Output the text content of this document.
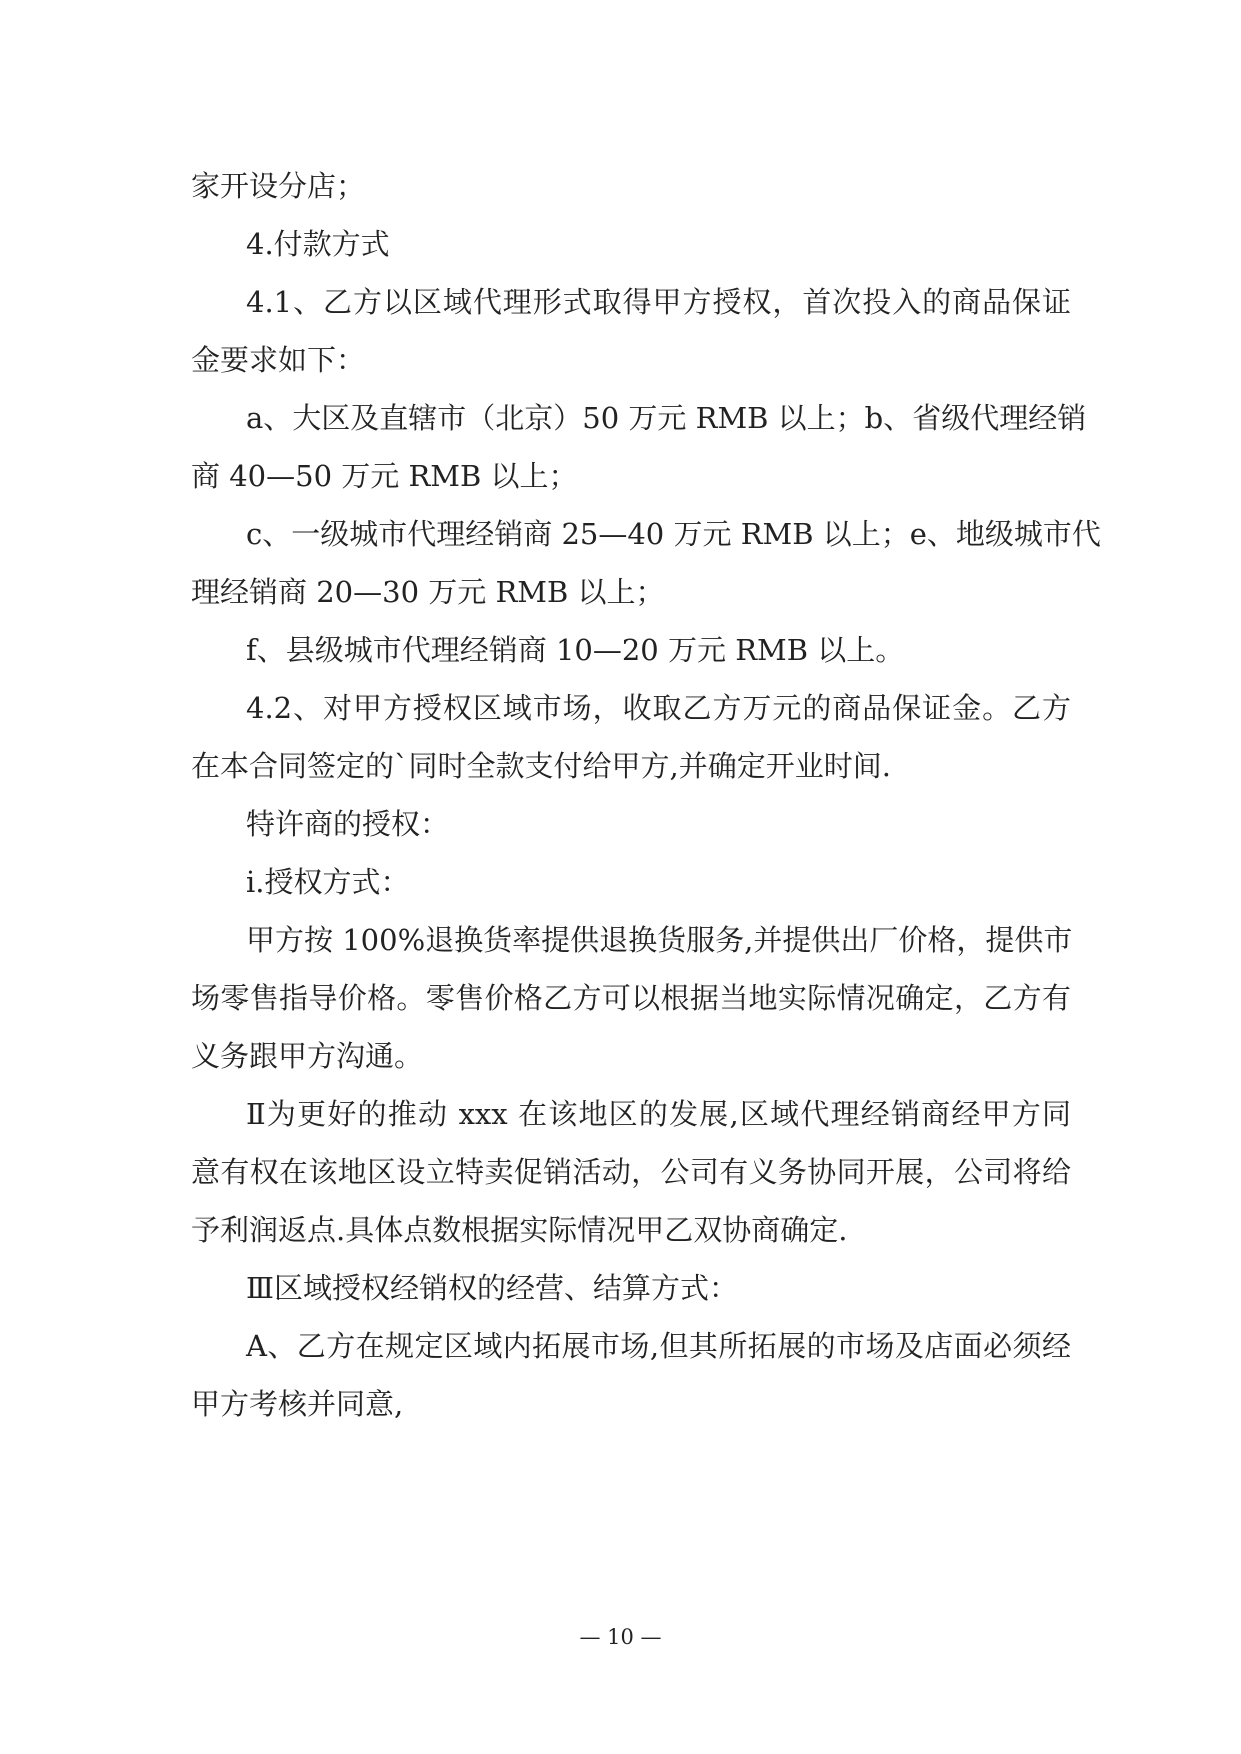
家开设分店；
4.付款方式
4.1、乙方以区域代理形式取得甲方授权，首次投入的商品保证
金要求如下：
a、大区及直辖市（北京）50 万元 RMB 以上；b、省级代理经销
商 40—50 万元 RMB 以上；
c、一级城市代理经销商 25—40 万元 RMB 以上；e、地级城市代
理经销商 20—30 万元 RMB 以上；
f、县级城市代理经销商 10—20 万元 RMB 以上。
4.2、对甲方授权区域市场，收取乙方万元的商品保证金。乙方
在本合同签定的`同时全款支付给甲方,并确定开业时间.
特许商的授权：
i.授权方式：
甲方按 100%退换货率提供退换货服务,并提供出厂价格，提供市
场零售指导价格。零售价格乙方可以根据当地实际情况确定，乙方有
义务跟甲方沟通。
Ⅱ为更好的推动 xxx 在该地区的发展,区域代理经销商经甲方同
意有权在该地区设立特卖促销活动，公司有义务协同开展，公司将给
予利润返点.具体点数根据实际情况甲乙双协商确定.
Ⅲ区域授权经销权的经营、结算方式：
A、乙方在规定区域内拓展市场,但其所拓展的市场及店面必须经
甲方考核并同意,
— 10 —
